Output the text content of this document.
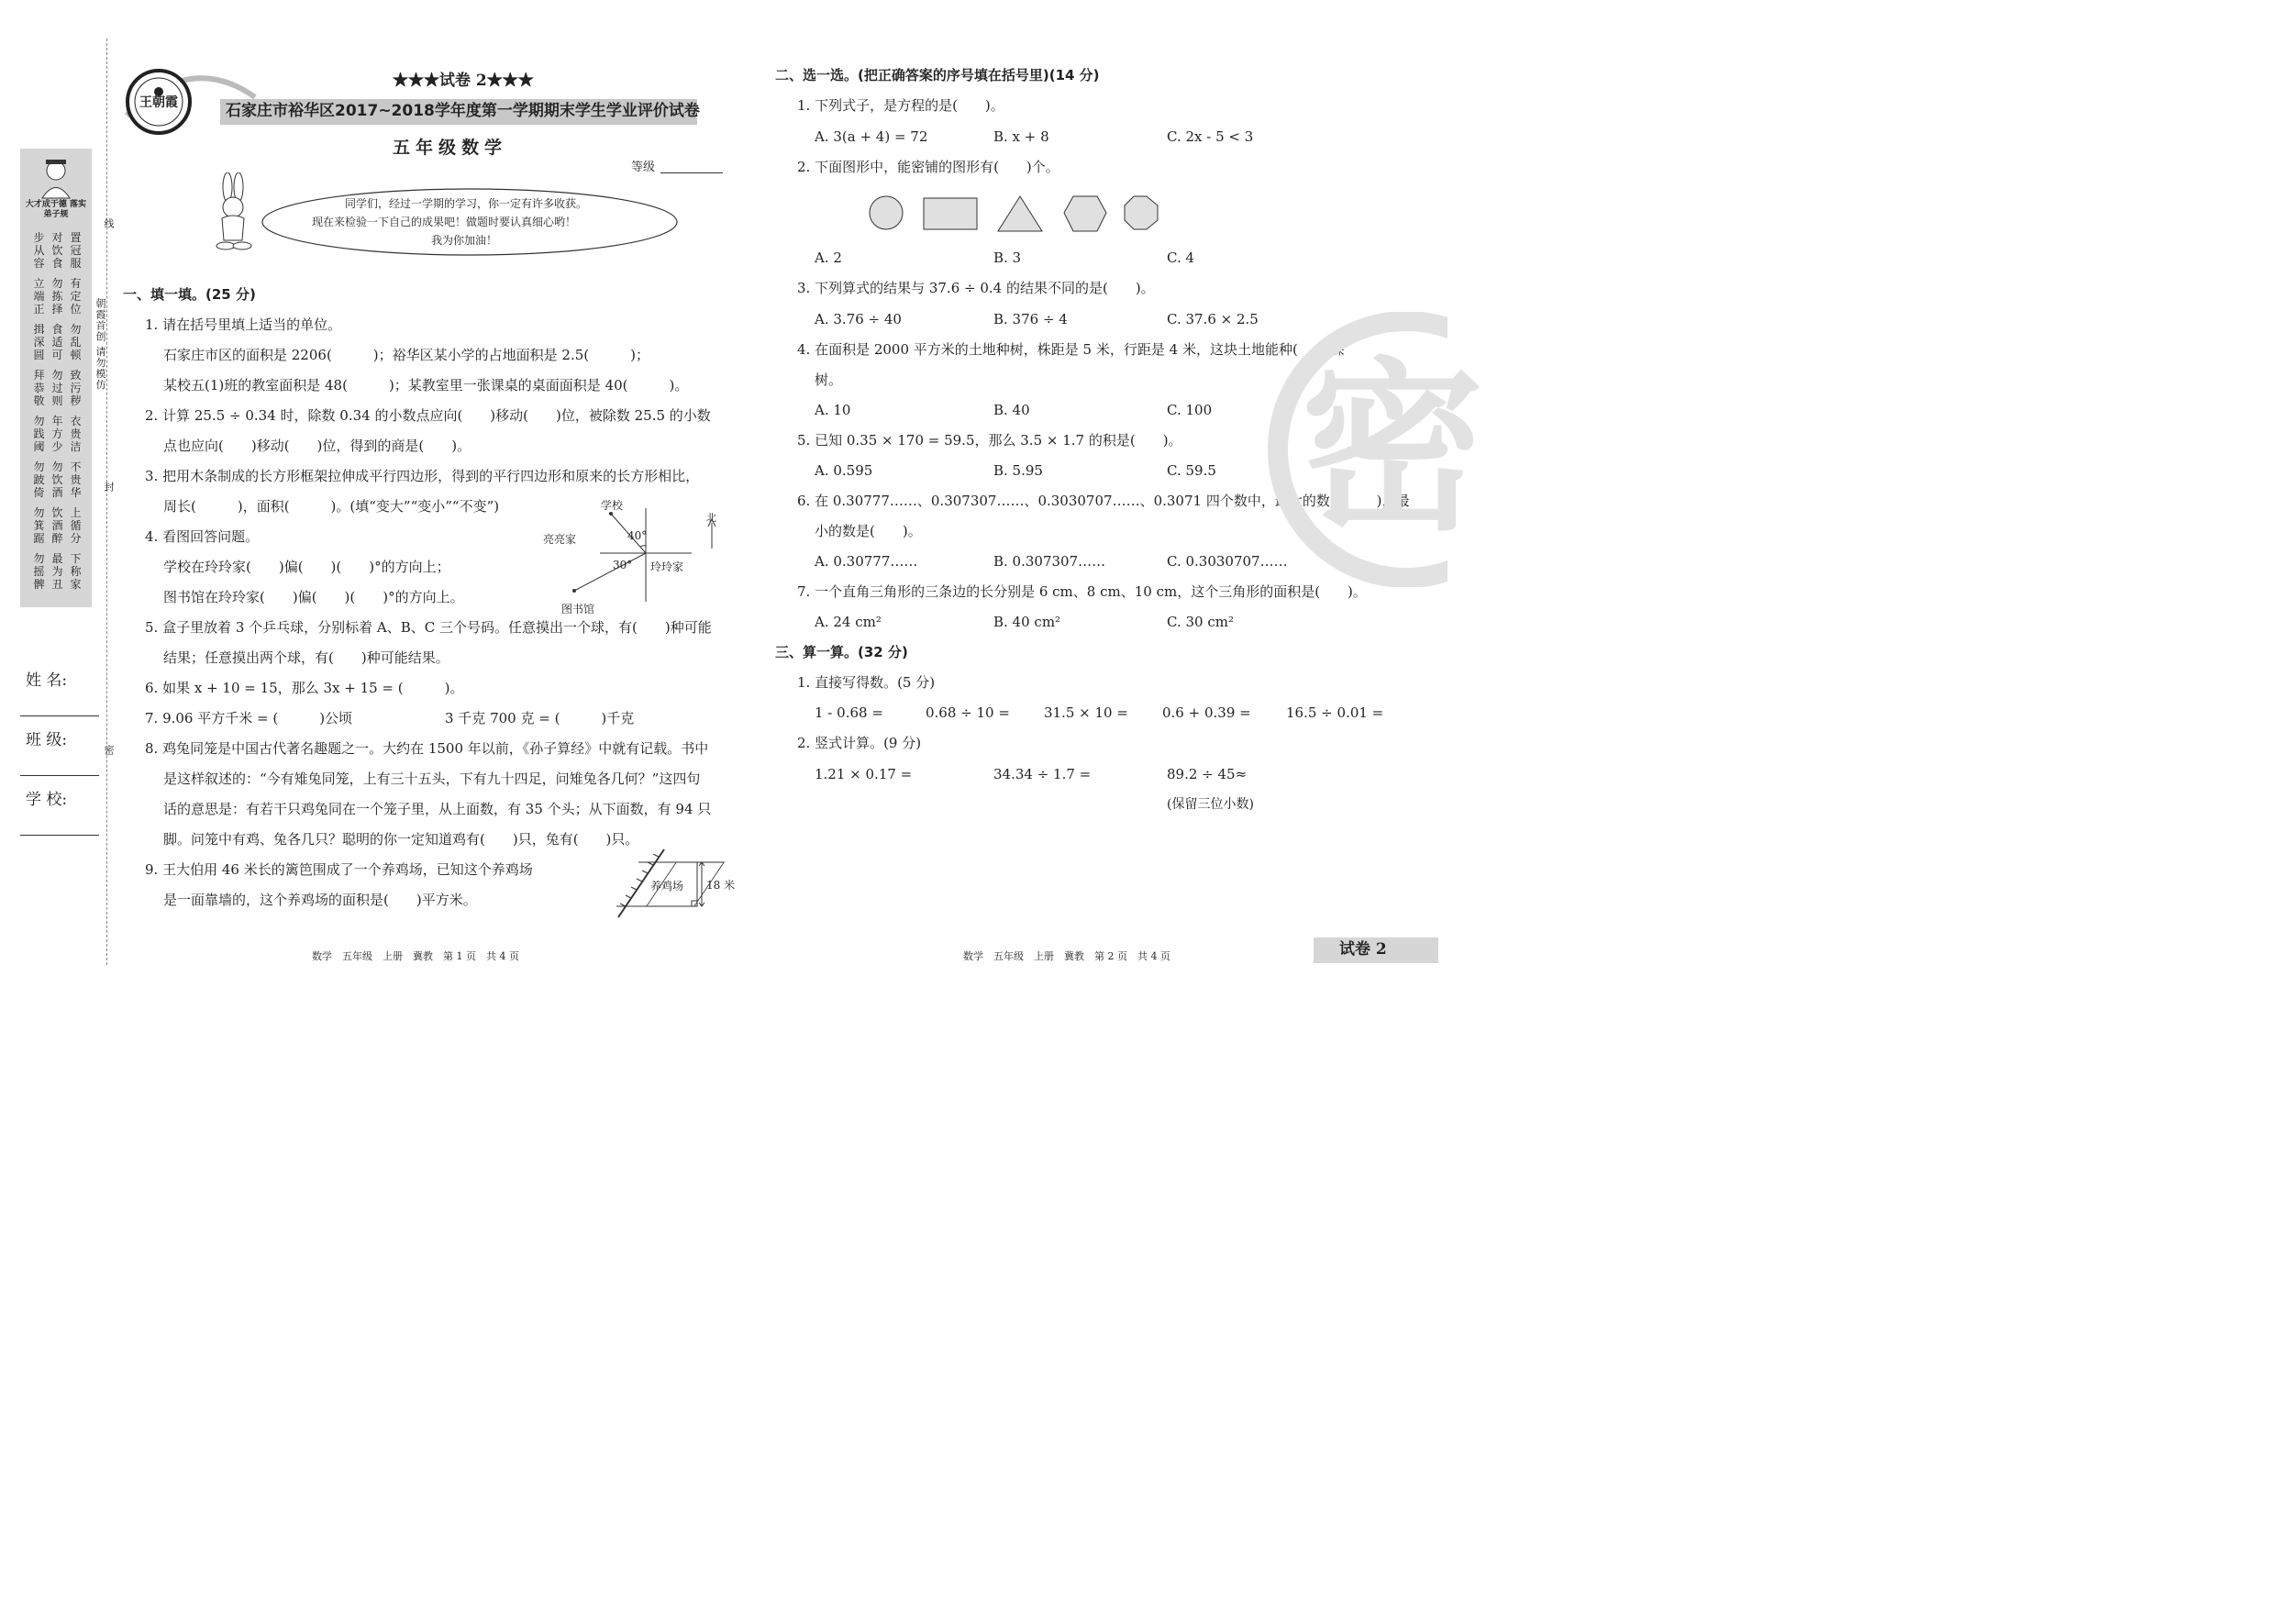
大才成于德 落实弟子规
步从容
对饮食
置冠服
立端正
勿拣择
有定位
揖深圆
食适可
勿乱顿
拜恭敬
勿过则
致污秽
勿践阈
年方少
衣贵洁
勿跛倚
勿饮酒
不贵华
勿箕踞
饮酒醉
上循分
勿摇髀
最为丑
下称家
线
封
密
朝霞首创 请勿模仿
姓 名:
班 级:
学 校:
王朝霞
★★★试卷 2★★★
石家庄市裕华区2017~2018学年度第一学期期末学生学业评价试卷
五年级数学
等级
同学们，经过一学期的学习，你一定有许多收获。
现在来检验一下自己的成果吧！做题时要认真细心哟！
我为你加油！
一、填一填。(25 分)
1. 请在括号里填上适当的单位。
石家庄市区的面积是 2206(　　　)；裕华区某小学的占地面积是 2.5(　　　)；
某校五(1)班的教室面积是 48(　　　)；某教室里一张课桌的桌面面积是 40(　　　)。
2. 计算 25.5 ÷ 0.34 时，除数 0.34 的小数点应向(　　)移动(　　)位，被除数 25.5 的小数
点也应向(　　)移动(　　)位，得到的商是(　　)。
3. 把用木条制成的长方形框架拉伸成平行四边形，得到的平行四边形和原来的长方形相比，
周长(　　　)，面积(　　　)。(填“变大”“变小”“不变”)
4. 看图回答问题。
学校在玲玲家(　　)偏(　　)(　　)°的方向上；
图书馆在玲玲家(　　)偏(　　)(　　)°的方向上。
5. 盒子里放着 3 个乒乓球，分别标着 A、B、C 三个号码。任意摸出一个球，有(　　)种可能
结果；任意摸出两个球，有(　　)种可能结果。
6. 如果 x + 10 = 15，那么 3x + 15 = (　　　)。
7. 9.06 平方千米 = (　　　)公顷	3 千克 700 克 = (　　　)千克
8. 鸡兔同笼是中国古代著名趣题之一。大约在 1500 年以前，《孙子算经》中就有记载。书中
是这样叙述的：“今有雉兔同笼，上有三十五头，下有九十四足，问雉兔各几何？”这四句
话的意思是：有若干只鸡兔同在一个笼子里，从上面数，有 35 个头；从下面数，有 94 只
脚。问笼中有鸡、兔各几只？聪明的你一定知道鸡有(　　)只，兔有(　　)只。
9. 王大伯用 46 米长的篱笆围成了一个养鸡场，已知这个养鸡场
是一面靠墙的，这个养鸡场的面积是(　　)平方米。
学校
亮亮家	40°
30° 玲玲家
图书馆
北
养鸡场 18 米
二、选一选。(把正确答案的序号填在括号里)(14 分)
1. 下列式子，是方程的是(　　)。
A. 3(a + 4) = 72	B. x + 8	C. 2x - 5 < 3
2. 下面图形中，能密铺的图形有(　　)个。
A. 2	B. 3	C. 4
3. 下列算式的结果与 37.6 ÷ 0.4 的结果不同的是(　　)。
A. 3.76 ÷ 40	B. 376 ÷ 4	C. 37.6 × 2.5
4. 在面积是 2000 平方米的土地种树，株距是 5 米，行距是 4 米，这块土地能种(　　)棵
树。
A. 10	B. 40	C. 100
5. 已知 0.35 × 170 = 59.5，那么 3.5 × 1.7 的积是(　　)。
A. 0.595	B. 5.95	C. 59.5
6. 在 0.30777……、0.307307……、0.3030707……、0.3071 四个数中，最大的数是(　　)，最
小的数是(　　)。
A. 0.30777……	B. 0.307307……	C. 0.3030707……
7. 一个直角三角形的三条边的长分别是 6 cm、8 cm、10 cm，这个三角形的面积是(　　)。
A. 24 cm²	B. 40 cm²	C. 30 cm²
三、算一算。(32 分)
1. 直接写得数。(5 分)
1 - 0.68 =	0.68 ÷ 10 = 31.5 × 10 = 0.6 + 0.39 =	16.5 ÷ 0.01 =
2. 竖式计算。(9 分)
1.21 × 0.17 =	34.34 ÷ 1.7 =	89.2 ÷ 45≈
(保留三位小数)
密
数学　五年级　上册　冀教　第 1 页　共 4 页	数学　五年级　上册　冀教　第 2 页　共 4 页	试卷 2
